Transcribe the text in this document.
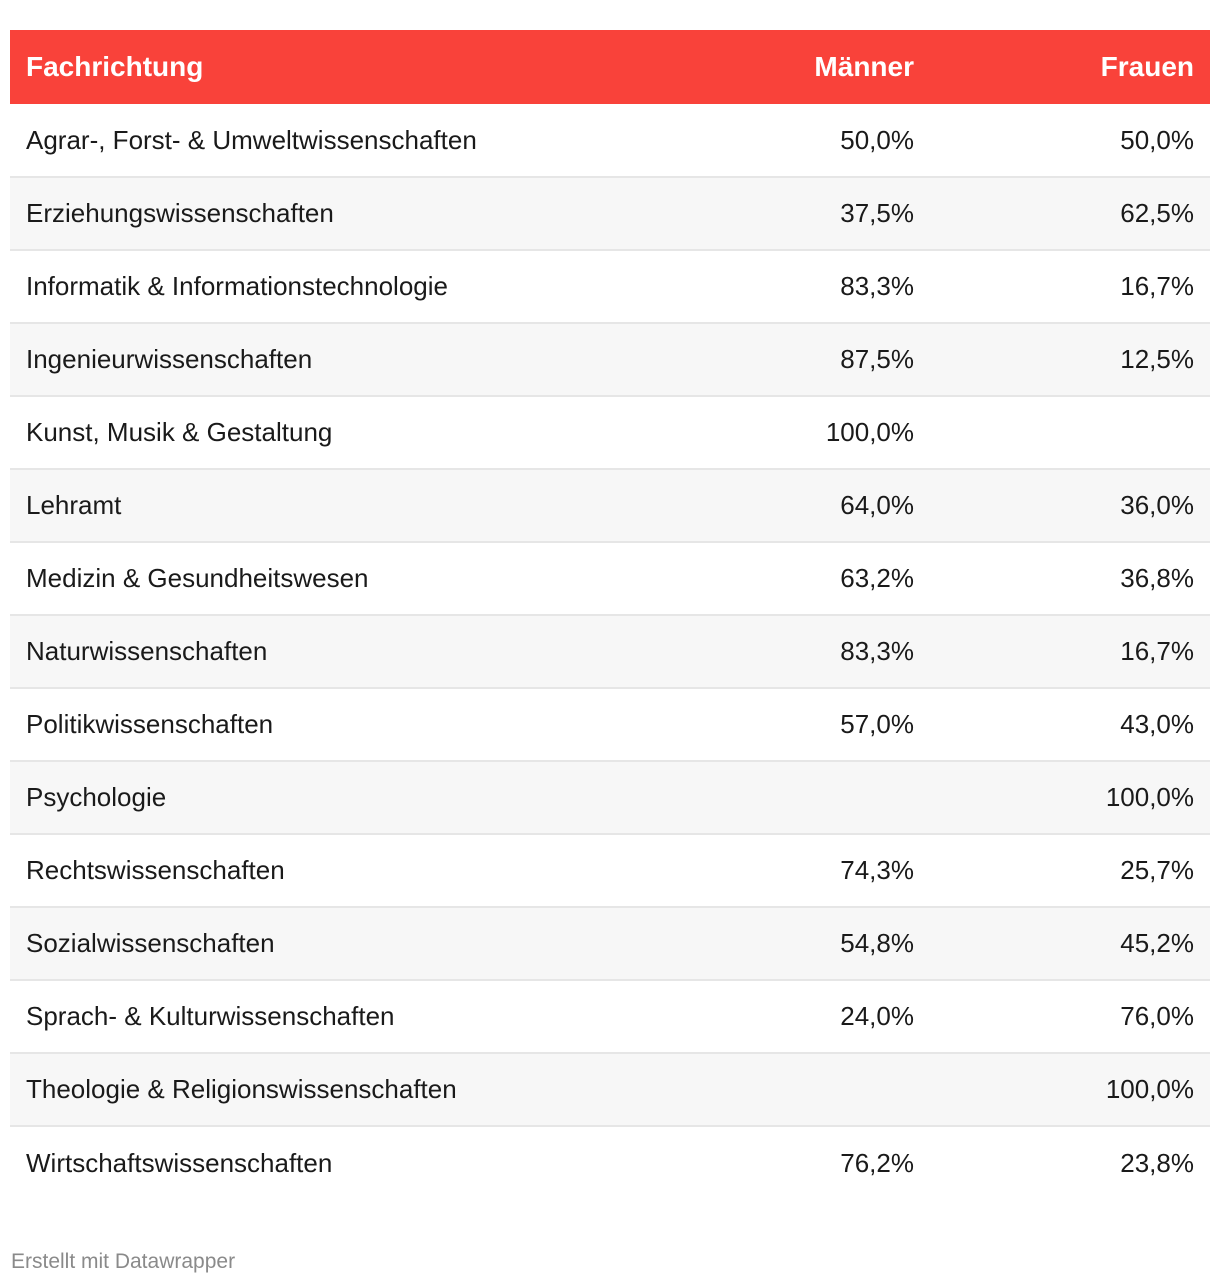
Fachrichtung	Männer	Frauen
Agrar-, Forst- & Umweltwissenschaften	50,0%	50,0%
Erziehungswissenschaften	37,5%	62,5%
Informatik & Informationstechnologie	83,3%	16,7%
Ingenieurwissenschaften	87,5%	12,5%
Kunst, Musik & Gestaltung	100,0%	
Lehramt	64,0%	36,0%
Medizin & Gesundheitswesen	63,2%	36,8%
Naturwissenschaften	83,3%	16,7%
Politikwissenschaften	57,0%	43,0%
Psychologie		100,0%
Rechtswissenschaften	74,3%	25,7%
Sozialwissenschaften	54,8%	45,2%
Sprach- & Kulturwissenschaften	24,0%	76,0%
Theologie & Religionswissenschaften		100,0%
Wirtschaftswissenschaften	76,2%	23,8%
Erstellt mit Datawrapper
